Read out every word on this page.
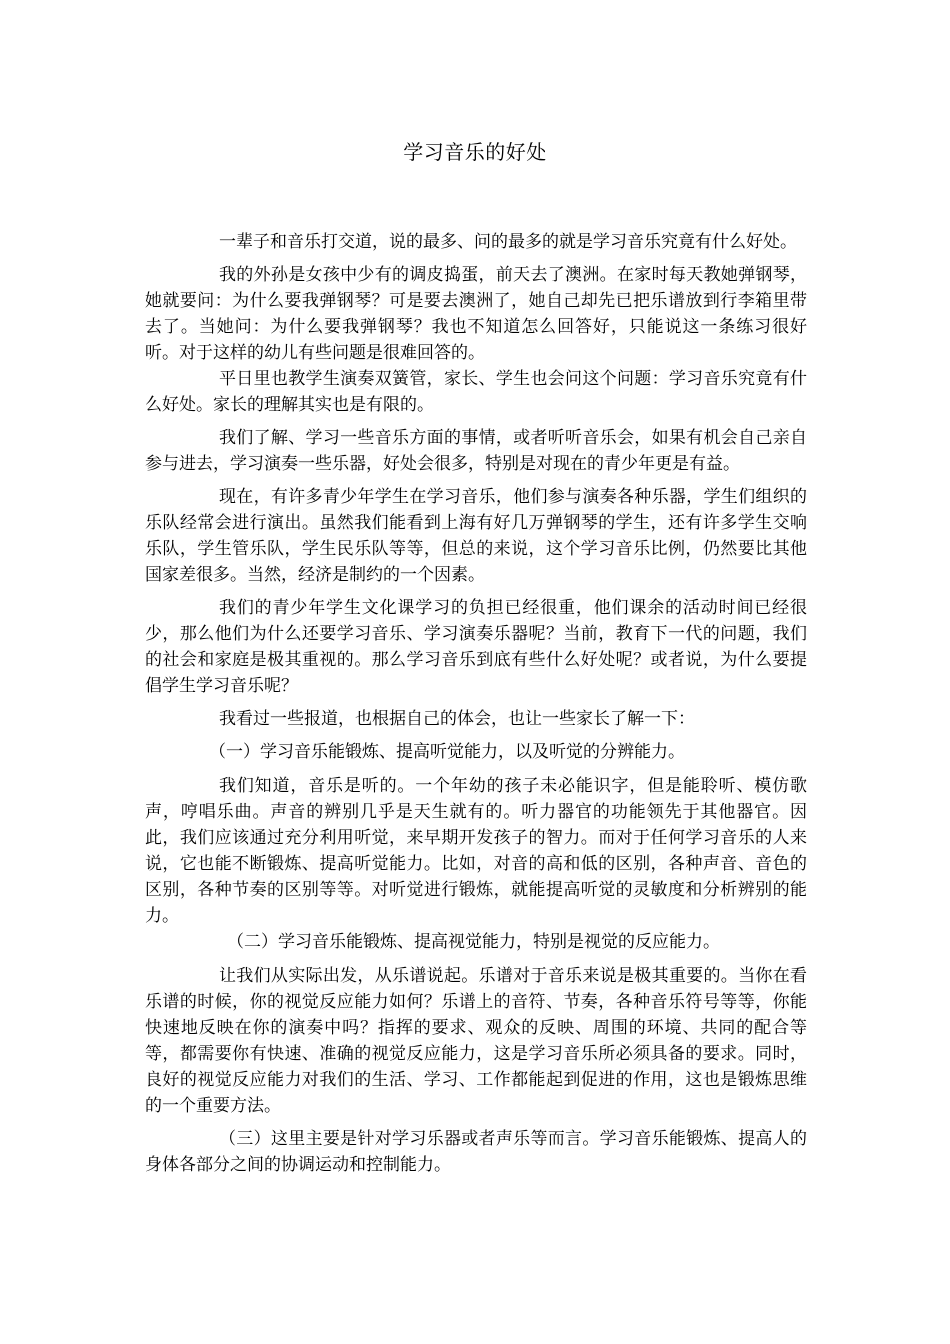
学习音乐的好处

一辈子和音乐打交道，说的最多、问的最多的就是学习音乐究竟有什么好处。

我的外孙是女孩中少有的调皮捣蛋，前天去了澳洲。在家时每天教她弹钢琴，她就要问：为什么要我弹钢琴？可是要去澳洲了，她自己却先已把乐谱放到行李箱里带去了。当她问：为什么要我弹钢琴？我也不知道怎么回答好，只能说这一条练习很好听。对于这样的幼儿有些问题是很难回答的。

平日里也教学生演奏双簧管，家长、学生也会问这个问题：学习音乐究竟有什么好处。家长的理解其实也是有限的。

我们了解、学习一些音乐方面的事情，或者听听音乐会，如果有机会自己亲自参与进去，学习演奏一些乐器，好处会很多，特别是对现在的青少年更是有益。

现在，有许多青少年学生在学习音乐，他们参与演奏各种乐器，学生们组织的乐队经常会进行演出。虽然我们能看到上海有好几万弹钢琴的学生，还有许多学生交响乐队，学生管乐队，学生民乐队等等，但总的来说，这个学习音乐比例，仍然要比其他国家差很多。当然，经济是制约的一个因素。

我们的青少年学生文化课学习的负担已经很重，他们课余的活动时间已经很少，那么他们为什么还要学习音乐、学习演奏乐器呢？当前，教育下一代的问题，我们的社会和家庭是极其重视的。那么学习音乐到底有些什么好处呢？或者说，为什么要提倡学生学习音乐呢？

我看过一些报道，也根据自己的体会，也让一些家长了解一下：

（一）学习音乐能锻炼、提高听觉能力，以及听觉的分辨能力。

我们知道，音乐是听的。一个年幼的孩子未必能识字，但是能聆听、模仿歌声，哼唱乐曲。声音的辨别几乎是天生就有的。听力器官的功能领先于其他器官。因此，我们应该通过充分利用听觉，来早期开发孩子的智力。而对于任何学习音乐的人来说，它也能不断锻炼、提高听觉能力。比如，对音的高和低的区别，各种声音、音色的区别，各种节奏的区别等等。对听觉进行锻炼，就能提高听觉的灵敏度和分析辨别的能力。

（二）学习音乐能锻炼、提高视觉能力，特别是视觉的反应能力。

让我们从实际出发，从乐谱说起。乐谱对于音乐来说是极其重要的。当你在看乐谱的时候，你的视觉反应能力如何？乐谱上的音符、节奏，各种音乐符号等等，你能快速地反映在你的演奏中吗？指挥的要求、观众的反映、周围的环境、共同的配合等等，都需要你有快速、准确的视觉反应能力，这是学习音乐所必须具备的要求。同时，良好的视觉反应能力对我们的生活、学习、工作都能起到促进的作用，这也是锻炼思维的一个重要方法。

（三）这里主要是针对学习乐器或者声乐等而言。学习音乐能锻炼、提高人的身体各部分之间的协调运动和控制能力。
